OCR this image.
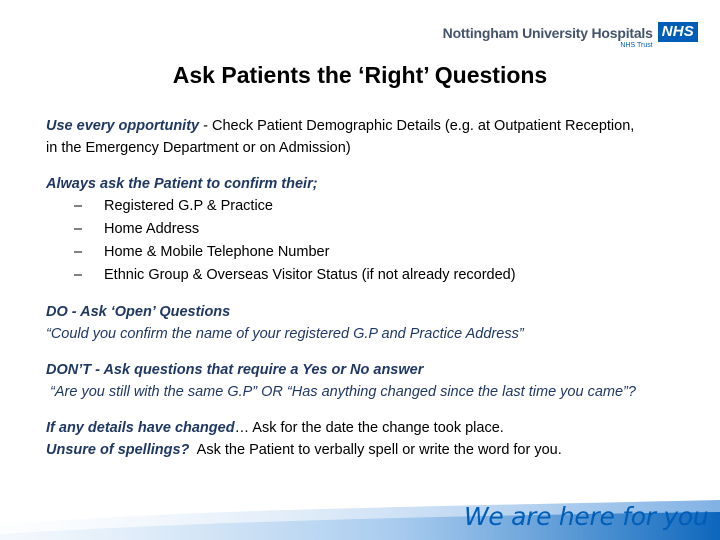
Nottingham University Hospitals
NHS Trust
NHS
Ask Patients the ‘Right’ Questions

Use every opportunity - Check Patient Demographic Details (e.g. at Outpatient Reception,

in the Emergency Department or on Admission)

Always ask the Patient to confirm their;

–	Registered G.P & Practice
–	Home Address
–	Home & Mobile Telephone Number
–	Ethnic Group & Overseas Visitor Status (if not already recorded)

DO - Ask ‘Open’ Questions

“Could you confirm the name of your registered G.P and Practice Address”

DON’T - Ask questions that require a Yes or No answer

“Are you still with the same G.P” OR “Has anything changed since the last time you came”?

If any details have changed… Ask for the date the change took place.

Unsure of spellings?  Ask the Patient to verbally spell or write the word for you.

We are here for you
